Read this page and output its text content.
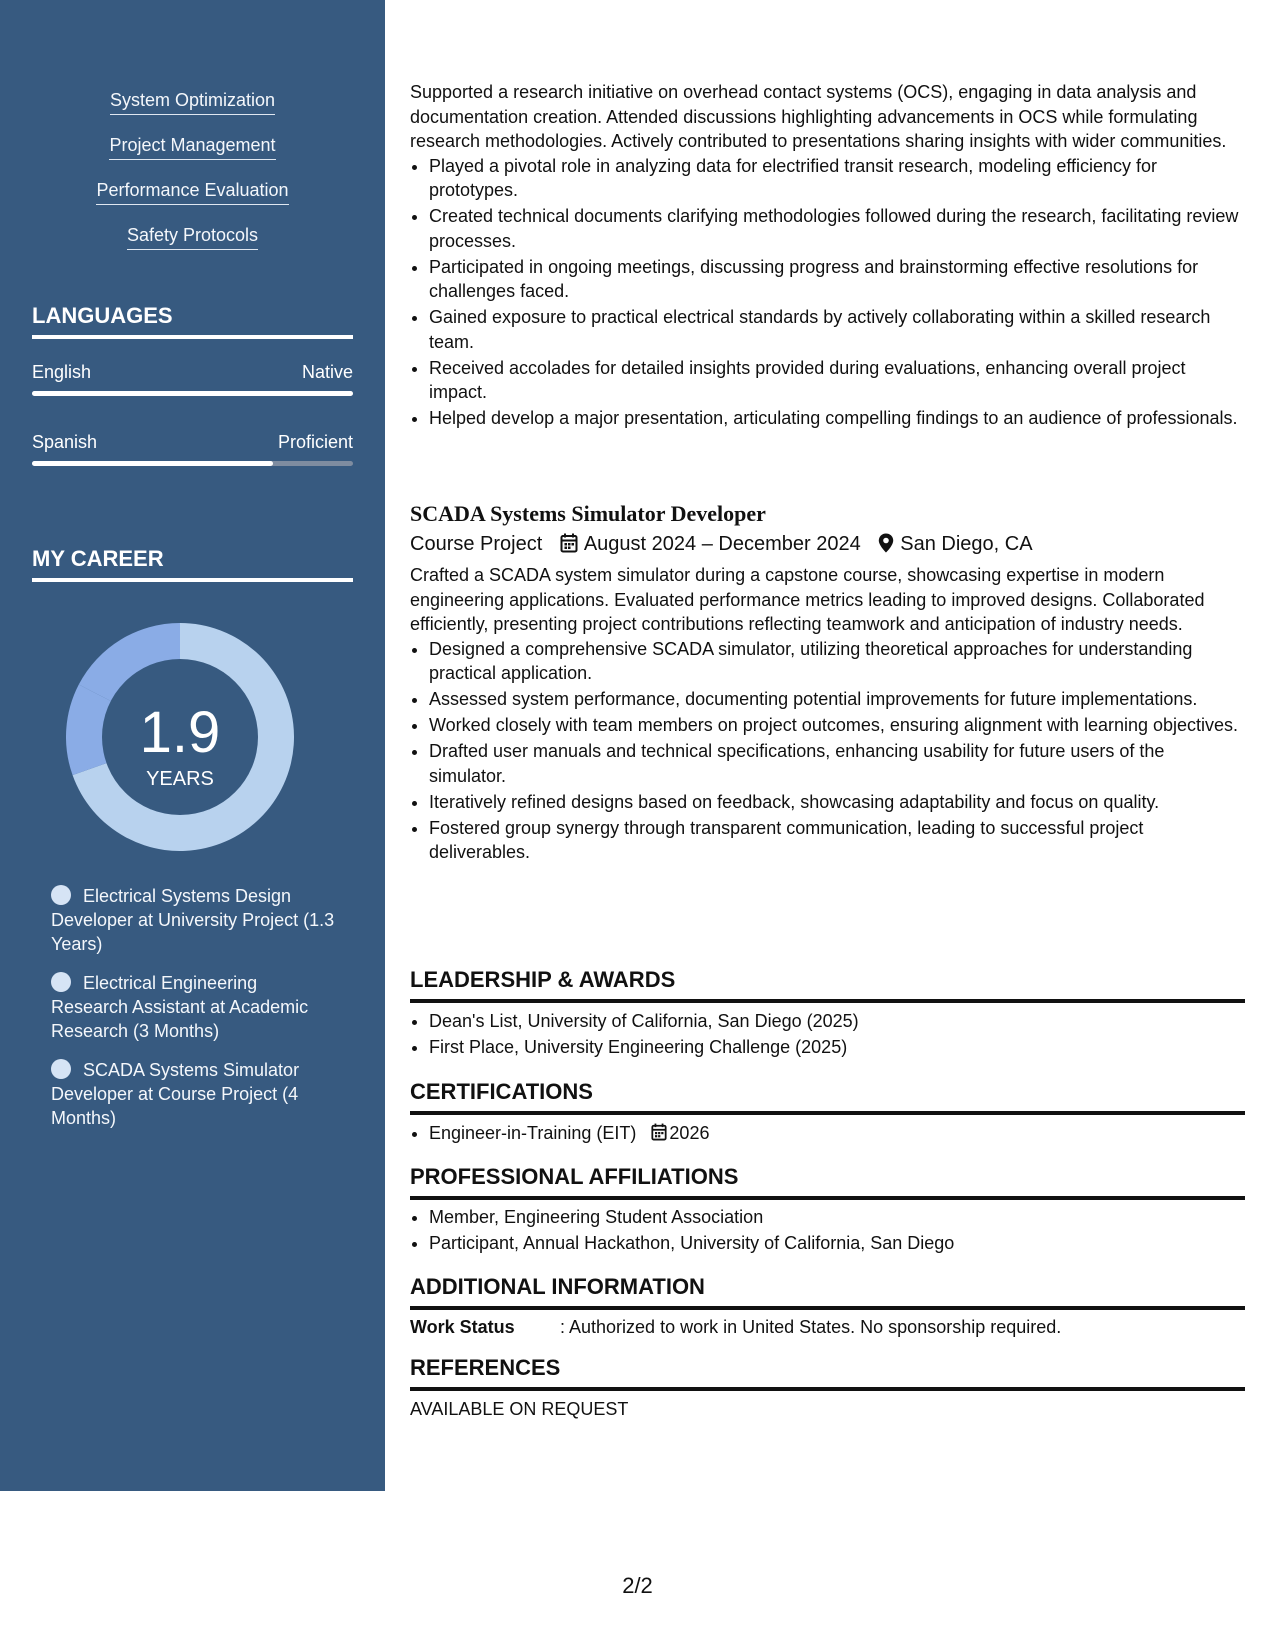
System Optimization
Project Management
Performance Evaluation
Safety Protocols
LANGUAGES
English	Native
Spanish	Proficient
MY CAREER
1.9
YEARS
Electrical Systems Design Developer at University Project (1.3 Years)
Electrical Engineering Research Assistant at Academic Research (3 Months)
SCADA Systems Simulator Developer at Course Project (4 Months)
Supported a research initiative on overhead contact systems (OCS), engaging in data analysis and documentation creation. Attended discussions highlighting advancements in OCS while formulating research methodologies. Actively contributed to presentations sharing insights with wider communities.
• Played a pivotal role in analyzing data for electrified transit research, modeling efficiency for prototypes.
• Created technical documents clarifying methodologies followed during the research, facilitating review processes.
• Participated in ongoing meetings, discussing progress and brainstorming effective resolutions for challenges faced.
• Gained exposure to practical electrical standards by actively collaborating within a skilled research team.
• Received accolades for detailed insights provided during evaluations, enhancing overall project impact.
• Helped develop a major presentation, articulating compelling findings to an audience of professionals.
SCADA Systems Simulator Developer
Course Project August 2024 – December 2024 San Diego, CA
Crafted a SCADA system simulator during a capstone course, showcasing expertise in modern engineering applications. Evaluated performance metrics leading to improved designs. Collaborated efficiently, presenting project contributions reflecting teamwork and anticipation of industry needs.
• Designed a comprehensive SCADA simulator, utilizing theoretical approaches for understanding practical application.
• Assessed system performance, documenting potential improvements for future implementations.
• Worked closely with team members on project outcomes, ensuring alignment with learning objectives.
• Drafted user manuals and technical specifications, enhancing usability for future users of the simulator.
• Iteratively refined designs based on feedback, showcasing adaptability and focus on quality.
• Fostered group synergy through transparent communication, leading to successful project deliverables.
LEADERSHIP & AWARDS
• Dean's List, University of California, San Diego (2025)
• First Place, University Engineering Challenge (2025)
CERTIFICATIONS
• Engineer-in-Training (EIT) 2026
PROFESSIONAL AFFILIATIONS
• Member, Engineering Student Association
• Participant, Annual Hackathon, University of California, San Diego
ADDITIONAL INFORMATION
Work Status	: Authorized to work in United States. No sponsorship required.
REFERENCES
AVAILABLE ON REQUEST
2/2
